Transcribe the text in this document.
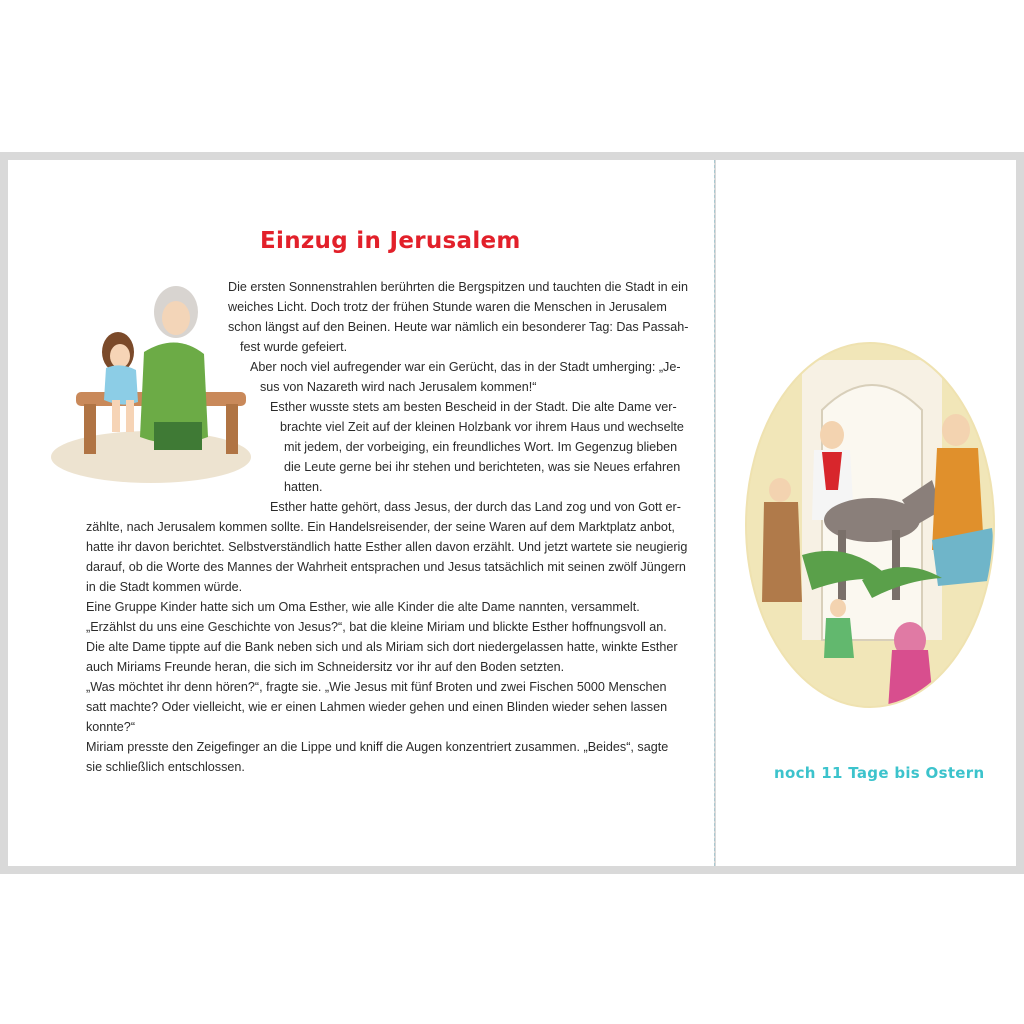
Einzug in Jerusalem
Die ersten Sonnenstrahlen berührten die Bergspitzen und tauchten die Stadt in ein
weiches Licht. Doch trotz der frühen Stunde waren die Menschen in Jerusalem
schon längst auf den Beinen. Heute war nämlich ein besonderer Tag: Das Passah-
fest wurde gefeiert.
Aber noch viel aufregender war ein Gerücht, das in der Stadt umherging: „Je-
sus von Nazareth wird nach Jerusalem kommen!“
Esther wusste stets am besten Bescheid in der Stadt. Die alte Dame ver-
brachte viel Zeit auf der kleinen Holzbank vor ihrem Haus und wechselte
mit jedem, der vorbeiging, ein freundliches Wort. Im Gegenzug blieben
die Leute gerne bei ihr stehen und berichteten, was sie Neues erfahren
hatten.
Esther hatte gehört, dass Jesus, der durch das Land zog und von Gott er-
zählte, nach Jerusalem kommen sollte. Ein Handelsreisender, der seine Waren auf dem Marktplatz anbot,
hatte ihr davon berichtet. Selbstverständlich hatte Esther allen davon erzählt. Und jetzt wartete sie neugierig
darauf, ob die Worte des Mannes der Wahrheit entsprachen und Jesus tatsächlich mit seinen zwölf Jüngern
in die Stadt kommen würde.
Eine Gruppe Kinder hatte sich um Oma Esther, wie alle Kinder die alte Dame nannten, versammelt.
„Erzählst du uns eine Geschichte von Jesus?“, bat die kleine Miriam und blickte Esther hoffnungsvoll an.
Die alte Dame tippte auf die Bank neben sich und als Miriam sich dort niedergelassen hatte, winkte Esther
auch Miriams Freunde heran, die sich im Schneidersitz vor ihr auf den Boden setzten.
„Was möchtet ihr denn hören?“, fragte sie. „Wie Jesus mit fünf Broten und zwei Fischen 5000 Menschen
satt machte? Oder vielleicht, wie er einen Lahmen wieder gehen und einen Blinden wieder sehen lassen
konnte?“
Miriam presste den Zeigefinger an die Lippe und kniff die Augen konzentriert zusammen. „Beides“, sagte
sie schließlich entschlossen.	noch 11 Tage bis Ostern
